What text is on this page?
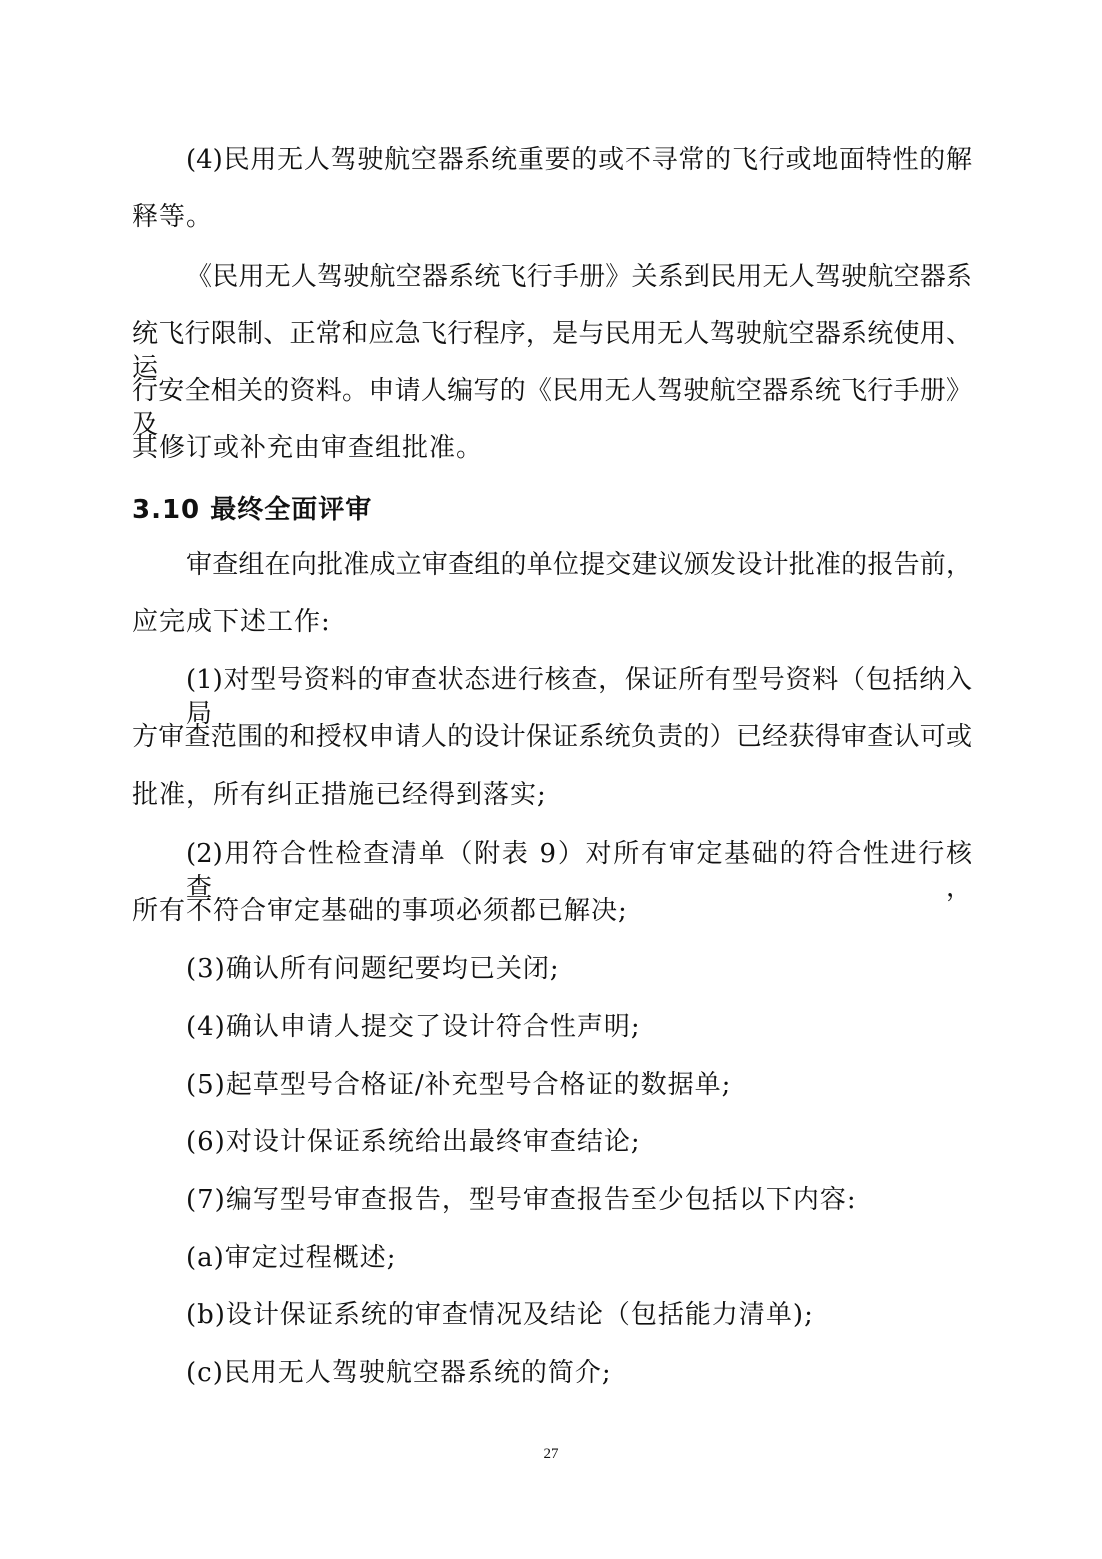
(4)民用无人驾驶航空器系统重要的或不寻常的飞行或地面特性的解
释等。
《民用无人驾驶航空器系统飞行手册》关系到民用无人驾驶航空器系
统飞行限制、正常和应急飞行程序，是与民用无人驾驶航空器系统使用、运
行安全相关的资料。申请人编写的《民用无人驾驶航空器系统飞行手册》及
其修订或补充由审查组批准。
3.10 最终全面评审
审查组在向批准成立审查组的单位提交建议颁发设计批准的报告前，
应完成下述工作:
(1)对型号资料的审查状态进行核查，保证所有型号资料（包括纳入局
方审查范围的和授权申请人的设计保证系统负责的）已经获得审查认可或
批准，所有纠正措施已经得到落实;
(2)用符合性检查清单（附表 9）对所有审定基础的符合性进行核查，
所有不符合审定基础的事项必须都已解决;
(3)确认所有问题纪要均已关闭;
(4)确认申请人提交了设计符合性声明;
(5)起草型号合格证/补充型号合格证的数据单;
(6)对设计保证系统给出最终审查结论;
(7)编写型号审查报告，型号审查报告至少包括以下内容:
(a)审定过程概述;
(b)设计保证系统的审查情况及结论（包括能力清单);
(c)民用无人驾驶航空器系统的简介;
27
